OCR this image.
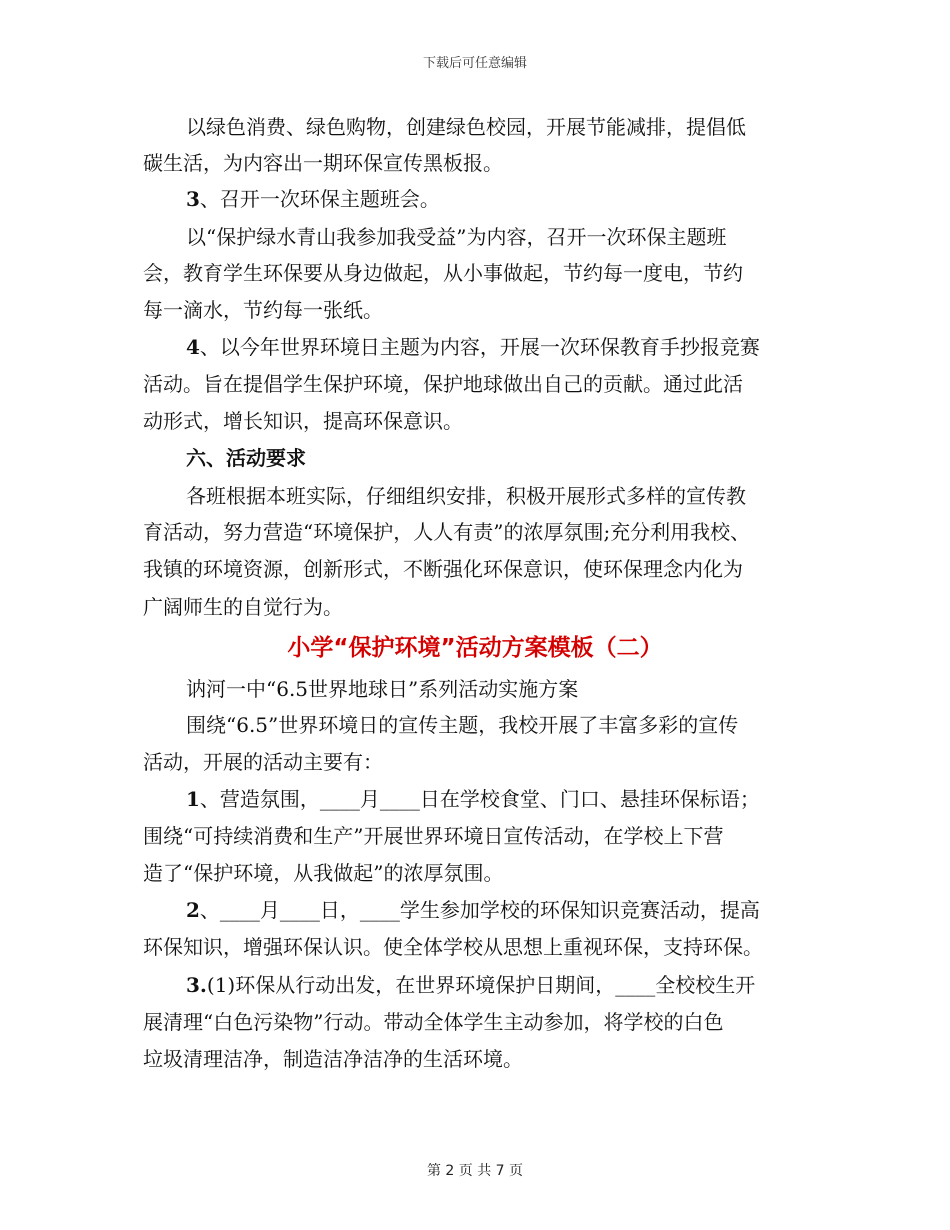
下载后可任意编辑
以绿色消费、绿色购物，创建绿色校园，开展节能减排，提倡低
碳生活，为内容出一期环保宣传黑板报。
3、召开一次环保主题班会。
以“保护绿水青山我参加我受益”为内容，召开一次环保主题班
会，教育学生环保要从身边做起，从小事做起，节约每一度电，节约
每一滴水，节约每一张纸。
4、以今年世界环境日主题为内容，开展一次环保教育手抄报竞赛
活动。旨在提倡学生保护环境，保护地球做出自己的贡献。通过此活
动形式，增长知识，提高环保意识。
六、活动要求
各班根据本班实际，仔细组织安排，积极开展形式多样的宣传教
育活动，努力营造“环境保护，人人有责”的浓厚氛围;充分利用我校、
我镇的环境资源，创新形式，不断强化环保意识，使环保理念内化为
广阔师生的自觉行为。
小学“保护环境”活动方案模板（二）
讷河一中“6.5世界地球日”系列活动实施方案
围绕“6.5”世界环境日的宣传主题，我校开展了丰富多彩的宣传
活动，开展的活动主要有：
1、营造氛围，____月____日在学校食堂、门口、悬挂环保标语；
围绕“可持续消费和生产”开展世界环境日宣传活动，在学校上下营
造了“保护环境，从我做起”的浓厚氛围。
2、____月____日，____学生参加学校的环保知识竞赛活动，提高
环保知识，增强环保认识。使全体学校从思想上重视环保，支持环保。
3.(1)环保从行动出发，在世界环境保护日期间，____全校校生开
展清理“白色污染物”行动。带动全体学生主动参加，将学校的白色
垃圾清理洁净，制造洁净洁净的生活环境。
第 2 页 共 7 页
